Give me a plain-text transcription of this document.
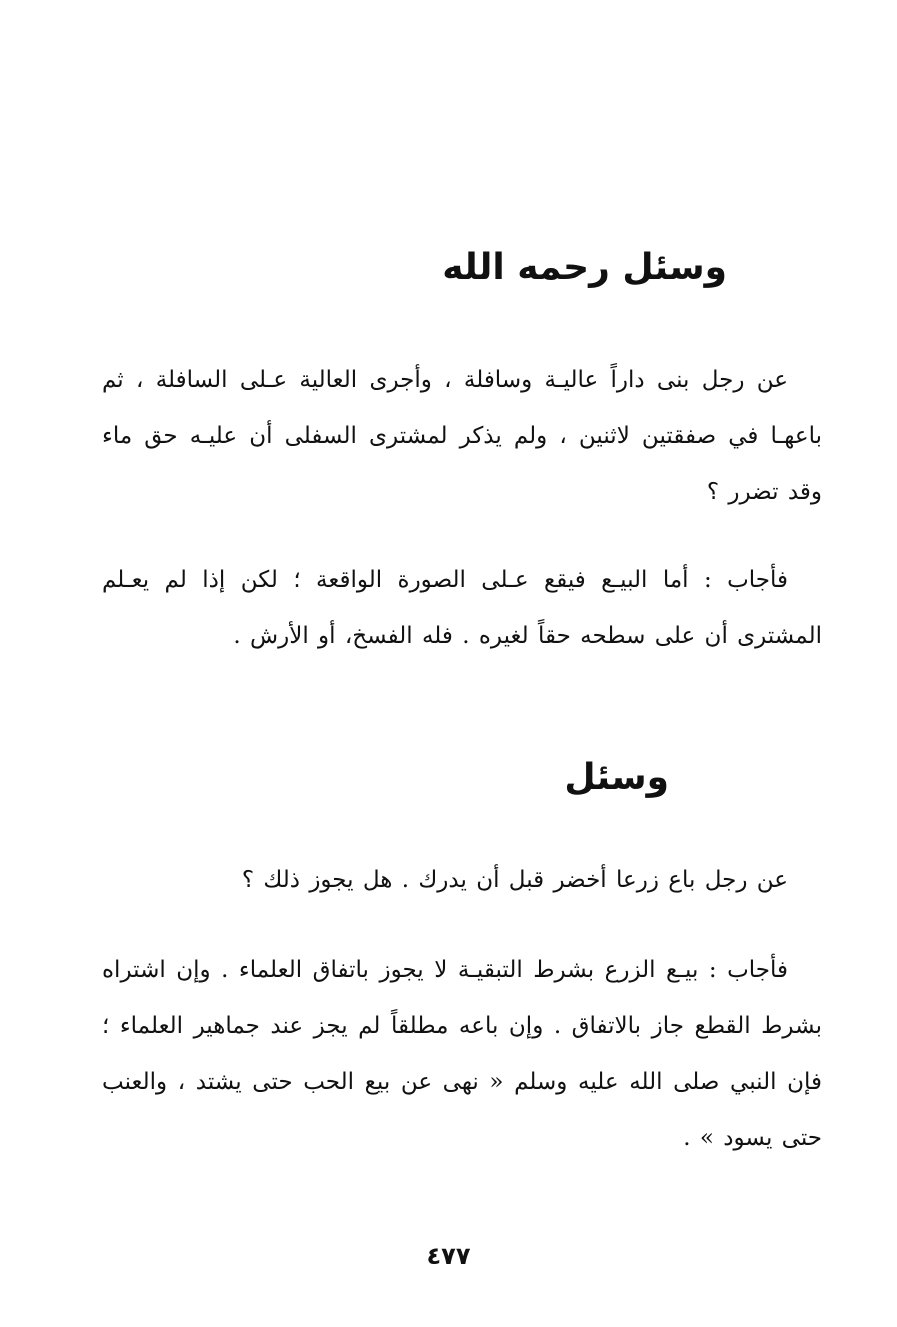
وسئل رحمه الله
عن رجل بنى داراً عاليـة وسافلة ، وأجرى العالية عـلى السافلة ، ثم باعهـا في صفقتين لاثنين ، ولم يذكر لمشترى السفلى أن عليـه حق ماء وقد تضرر ؟
فأجاب : أما البيـع فيقع عـلى الصورة الواقعة ؛ لكن إذا لم يعـلم المشترى أن على سطحه حقاً لغيره . فله الفسخ، أو الأرش .
وسئل
عن رجل باع زرعا أخضر قبل أن يدرك . هل يجوز ذلك ؟
فأجاب : بيـع الزرع بشرط التبقيـة لا يجوز باتفاق العلماء . وإن اشتراه بشرط القطع جاز بالاتفاق . وإن باعه مطلقاً لم يجز عند جماهير العلماء ؛ فإن النبي صلى الله عليه وسلم « نهى عن بيع الحب حتى يشتد ، والعنب حتى يسود » .
٤٧٧
